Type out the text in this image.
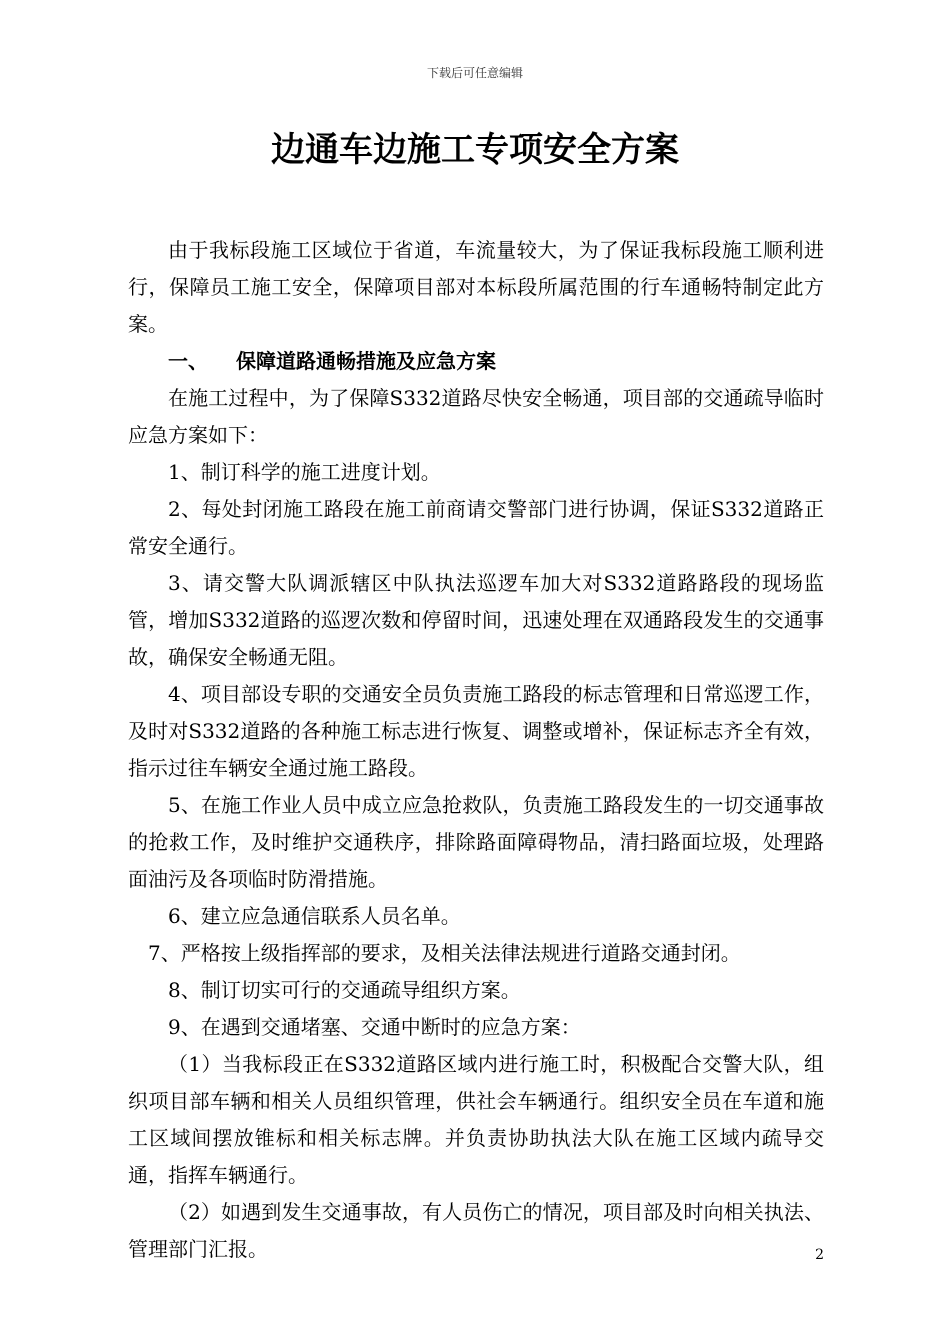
下载后可任意编辑
边通车边施工专项安全方案

由于我标段施工区域位于省道，车流量较大，为了保证我标段施工顺利进行，保障员工施工安全，保障项目部对本标段所属范围的行车通畅特制定此方案。

一、 保障道路通畅措施及应急方案

在施工过程中，为了保障S332道路尽快安全畅通，项目部的交通疏导临时应急方案如下：

1、制订科学的施工进度计划。

2、每处封闭施工路段在施工前商请交警部门进行协调，保证S332道路正常安全通行。

3、请交警大队调派辖区中队执法巡逻车加大对S332道路路段的现场监管，增加S332道路的巡逻次数和停留时间，迅速处理在双通路段发生的交通事故，确保安全畅通无阻。

4、项目部设专职的交通安全员负责施工路段的标志管理和日常巡逻工作，及时对S332道路的各种施工标志进行恢复、调整或增补，保证标志齐全有效，指示过往车辆安全通过施工路段。

5、在施工作业人员中成立应急抢救队，负责施工路段发生的一切交通事故的抢救工作，及时维护交通秩序，排除路面障碍物品，清扫路面垃圾，处理路面油污及各项临时防滑措施。

6、建立应急通信联系人员名单。

7、严格按上级指挥部的要求，及相关法律法规进行道路交通封闭。

8、制订切实可行的交通疏导组织方案。

9、在遇到交通堵塞、交通中断时的应急方案：

（1）当我标段正在S332道路区域内进行施工时，积极配合交警大队，组织项目部车辆和相关人员组织管理，供社会车辆通行。组织安全员在车道和施工区域间摆放锥标和相关标志牌。并负责协助执法大队在施工区域内疏导交通，指挥车辆通行。

（2）如遇到发生交通事故，有人员伤亡的情况，项目部及时向相关执法、管理部门汇报。	2
